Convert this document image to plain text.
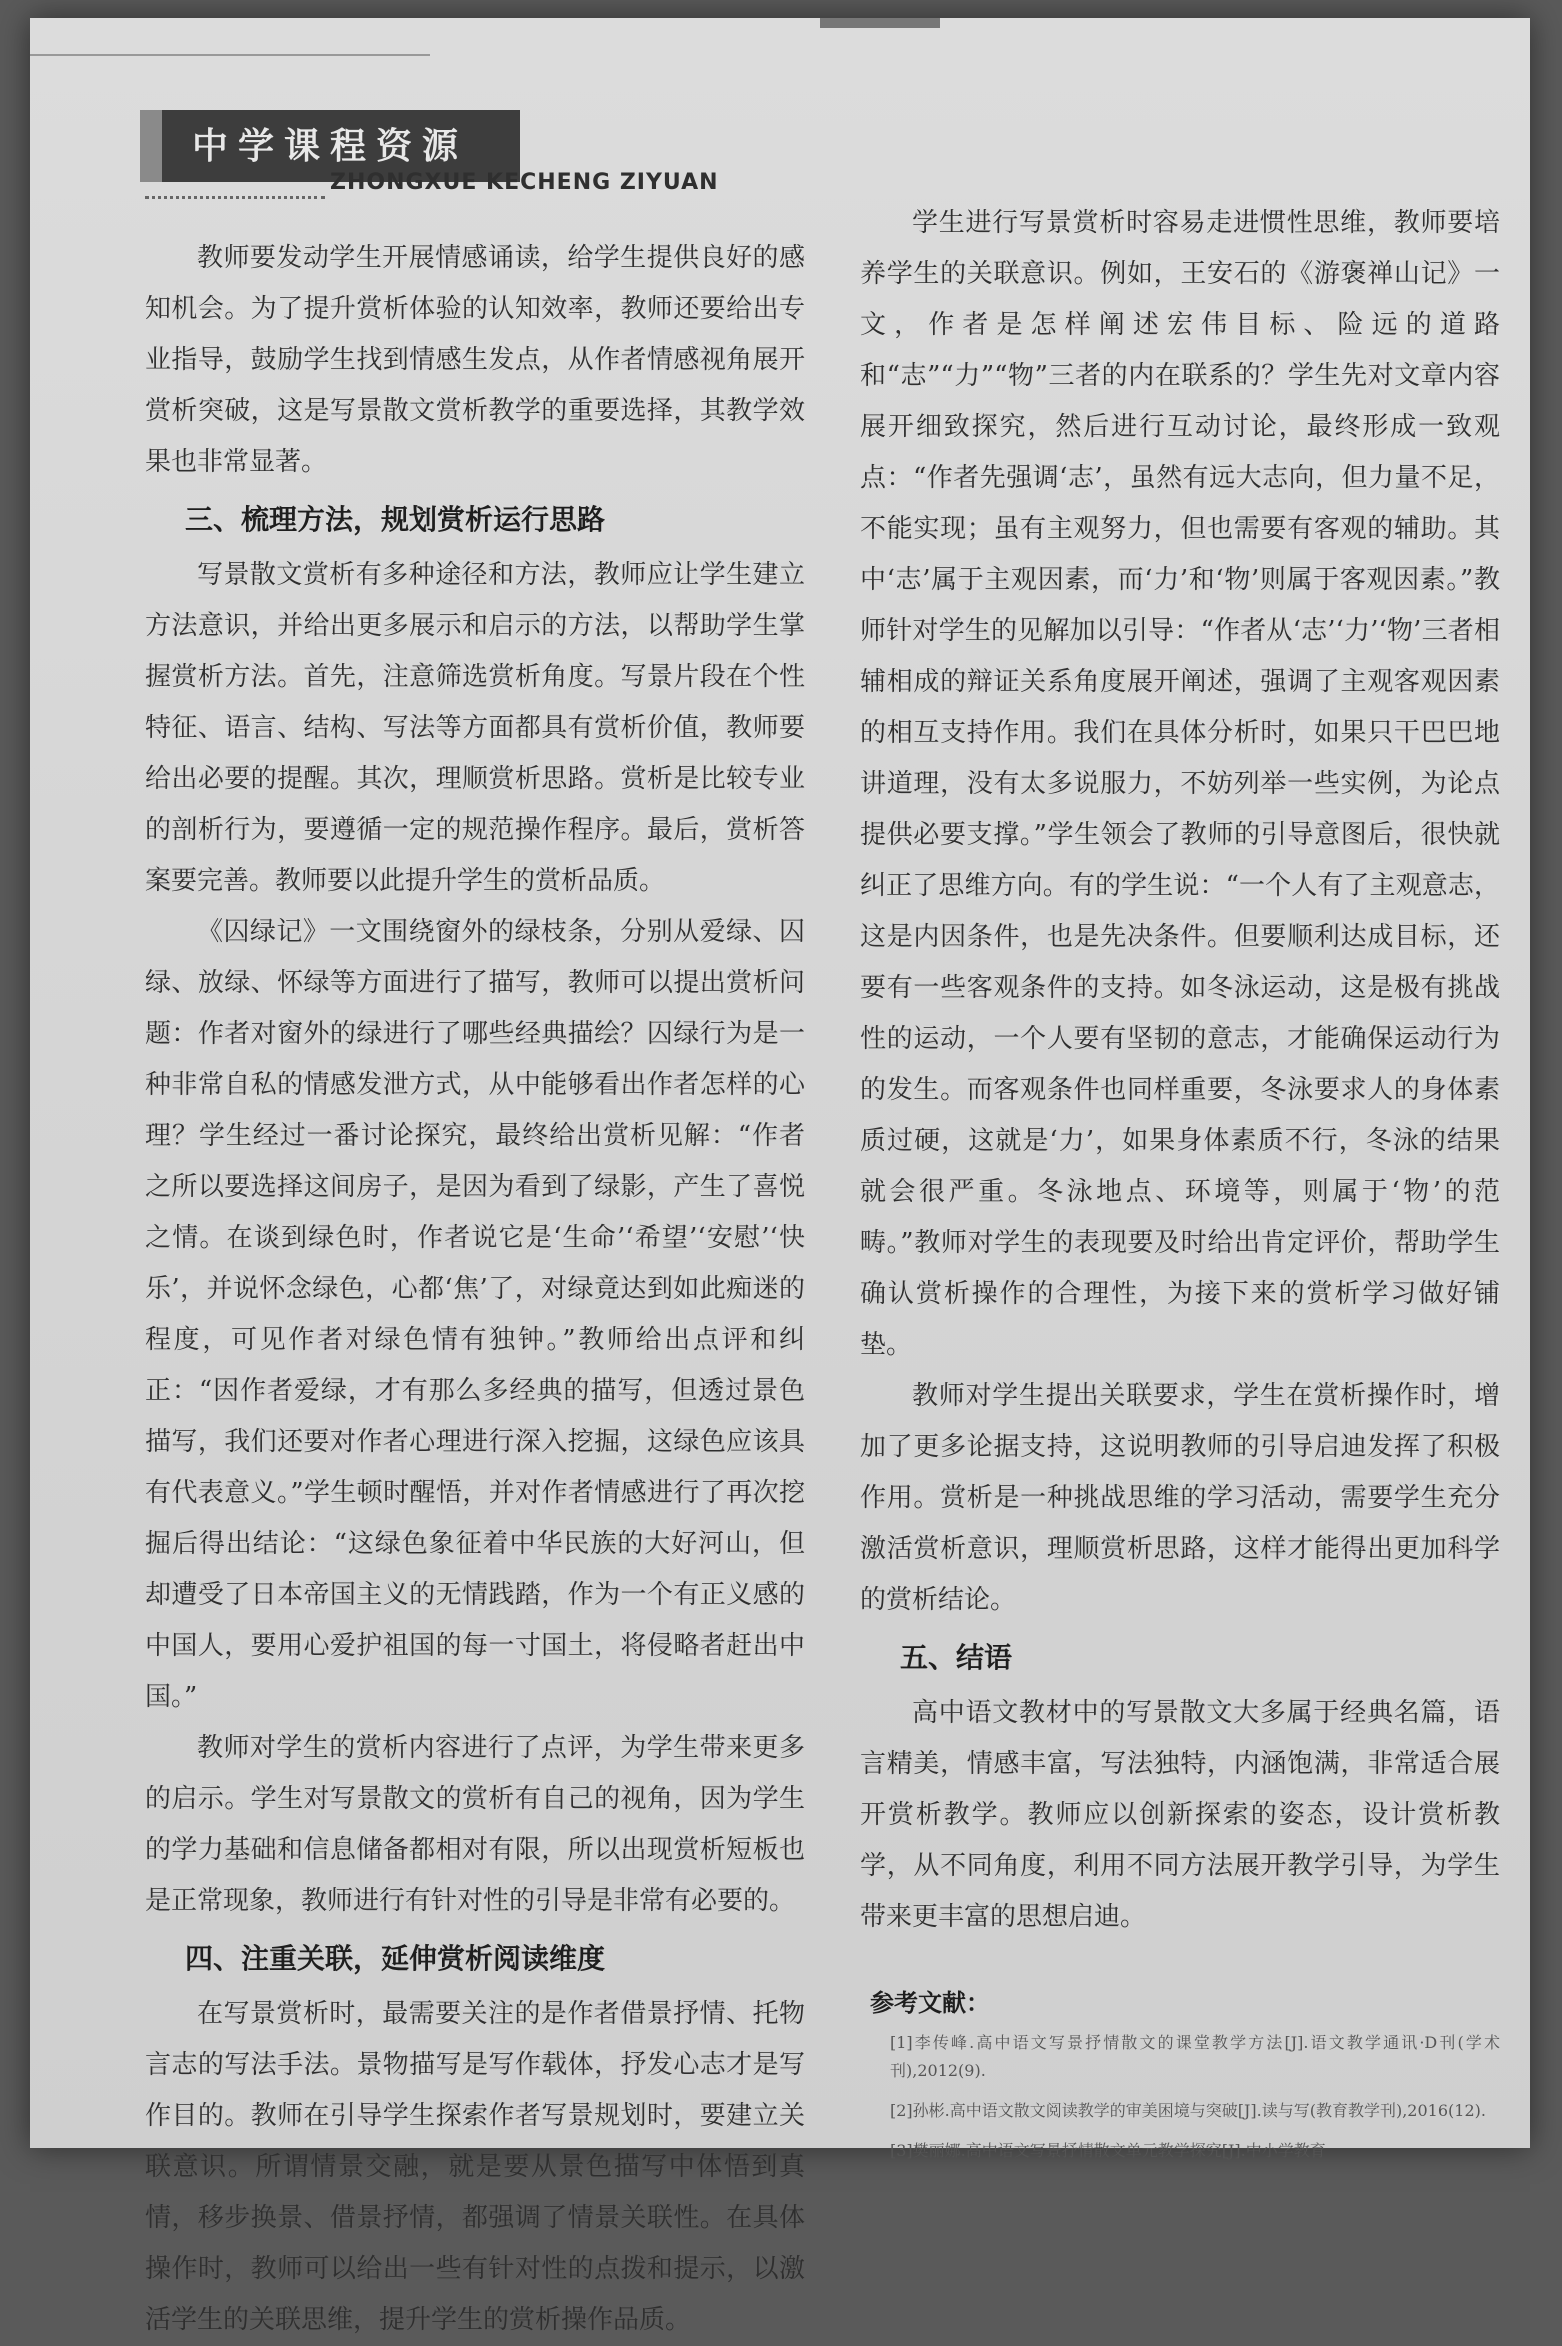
中学课程资源
ZHONGXUE KECHENG ZIYUAN

教师要发动学生开展情感诵读，给学生提供良好的感知机会。为了提升赏析体验的认知效率，教师还要给出专业指导，鼓励学生找到情感生发点，从作者情感视角展开赏析突破，这是写景散文赏析教学的重要选择，其教学效果也非常显著。

三、梳理方法，规划赏析运行思路

写景散文赏析有多种途径和方法，教师应让学生建立方法意识，并给出更多展示和启示的方法，以帮助学生掌握赏析方法。首先，注意筛选赏析角度。写景片段在个性特征、语言、结构、写法等方面都具有赏析价值，教师要给出必要的提醒。其次，理顺赏析思路。赏析是比较专业的剖析行为，要遵循一定的规范操作程序。最后，赏析答案要完善。教师要以此提升学生的赏析品质。

《囚绿记》一文围绕窗外的绿枝条，分别从爱绿、囚绿、放绿、怀绿等方面进行了描写，教师可以提出赏析问题：作者对窗外的绿进行了哪些经典描绘？囚绿行为是一种非常自私的情感发泄方式，从中能够看出作者怎样的心理？学生经过一番讨论探究，最终给出赏析见解：“作者之所以要选择这间房子，是因为看到了绿影，产生了喜悦之情。在谈到绿色时，作者说它是‘生命’‘希望’‘安慰’‘快乐’，并说怀念绿色，心都‘焦’了，对绿竟达到如此痴迷的程度，可见作者对绿色情有独钟。”教师给出点评和纠正：“因作者爱绿，才有那么多经典的描写，但透过景色描写，我们还要对作者心理进行深入挖掘，这绿色应该具有代表意义。”学生顿时醒悟，并对作者情感进行了再次挖掘后得出结论：“这绿色象征着中华民族的大好河山，但却遭受了日本帝国主义的无情践踏，作为一个有正义感的中国人，要用心爱护祖国的每一寸国土，将侵略者赶出中国。”

教师对学生的赏析内容进行了点评，为学生带来更多的启示。学生对写景散文的赏析有自己的视角，因为学生的学力基础和信息储备都相对有限，所以出现赏析短板也是正常现象，教师进行有针对性的引导是非常有必要的。

四、注重关联，延伸赏析阅读维度

在写景赏析时，最需要关注的是作者借景抒情、托物言志的写法手法。景物描写是写作载体，抒发心志才是写作目的。教师在引导学生探索作者写景规划时，要建立关联意识。所谓情景交融，就是要从景色描写中体悟到真情，移步换景、借景抒情，都强调了情景关联性。在具体操作时，教师可以给出一些有针对性的点拨和提示，以激活学生的关联思维，提升学生的赏析操作品质。

学生进行写景赏析时容易走进惯性思维，教师要培养学生的关联意识。例如，王安石的《游褒禅山记》一文，作者是怎样阐述宏伟目标、险远的道路和“志”“力”“物”三者的内在联系的？学生先对文章内容展开细致探究，然后进行互动讨论，最终形成一致观点：“作者先强调‘志’，虽然有远大志向，但力量不足，不能实现；虽有主观努力，但也需要有客观的辅助。其中‘志’属于主观因素，而‘力’和‘物’则属于客观因素。”教师针对学生的见解加以引导：“作者从‘志’‘力’‘物’三者相辅相成的辩证关系角度展开阐述，强调了主观客观因素的相互支持作用。我们在具体分析时，如果只干巴巴地讲道理，没有太多说服力，不妨列举一些实例，为论点提供必要支撑。”学生领会了教师的引导意图后，很快就纠正了思维方向。有的学生说：“一个人有了主观意志，这是内因条件，也是先决条件。但要顺利达成目标，还要有一些客观条件的支持。如冬泳运动，这是极有挑战性的运动，一个人要有坚韧的意志，才能确保运动行为的发生。而客观条件也同样重要，冬泳要求人的身体素质过硬，这就是‘力’，如果身体素质不行，冬泳的结果就会很严重。冬泳地点、环境等，则属于‘物’的范畴。”教师对学生的表现要及时给出肯定评价，帮助学生确认赏析操作的合理性，为接下来的赏析学习做好铺垫。

教师对学生提出关联要求，学生在赏析操作时，增加了更多论据支持，这说明教师的引导启迪发挥了积极作用。赏析是一种挑战思维的学习活动，需要学生充分激活赏析意识，理顺赏析思路，这样才能得出更加科学的赏析结论。

五、结语

高中语文教材中的写景散文大多属于经典名篇，语言精美，情感丰富，写法独特，内涵饱满，非常适合展开赏析教学。教师应以创新探索的姿态，设计赏析教学，从不同角度，利用不同方法展开教学引导，为学生带来更丰富的思想启迪。

参考文献：
[1]李传峰.高中语文写景抒情散文的课堂教学方法[J].语文教学通讯·D刊(学术刊),2012(9).
[2]孙彬.高中语文散文阅读教学的审美困境与突破[J].读与写(教育教学刊),2016(12).
[3]樊丽娜.高中语文写景抒情散文单元教学探究[J].中小学教育
